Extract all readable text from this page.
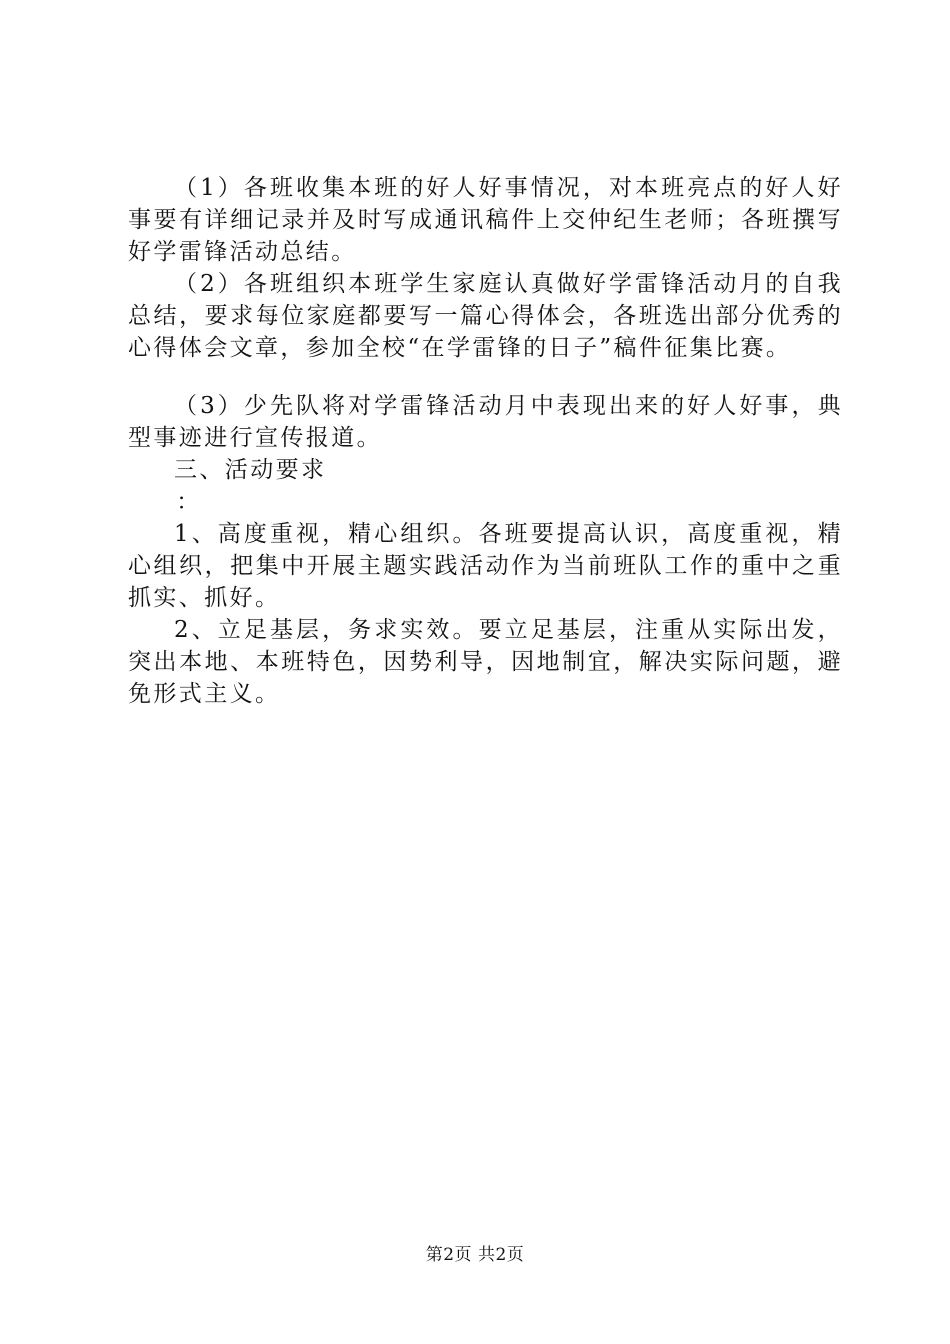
（1）各班收集本班的好人好事情况，对本班亮点的好人好事要有详细记录并及时写成通讯稿件上交仲纪生老师；各班撰写好学雷锋活动总结。

（2）各班组织本班学生家庭认真做好学雷锋活动月的自我总结，要求每位家庭都要写一篇心得体会，各班选出部分优秀的心得体会文章，参加全校“在学雷锋的日子”稿件征集比赛。

（3）少先队将对学雷锋活动月中表现出来的好人好事，典型事迹进行宣传报道。

三、活动要求

：

1、高度重视，精心组织。各班要提高认识，高度重视，精心组织，把集中开展主题实践活动作为当前班队工作的重中之重抓实、抓好。

2、立足基层，务求实效。要立足基层，注重从实际出发，突出本地、本班特色，因势利导，因地制宜，解决实际问题，避免形式主义。

第2页 共2页
